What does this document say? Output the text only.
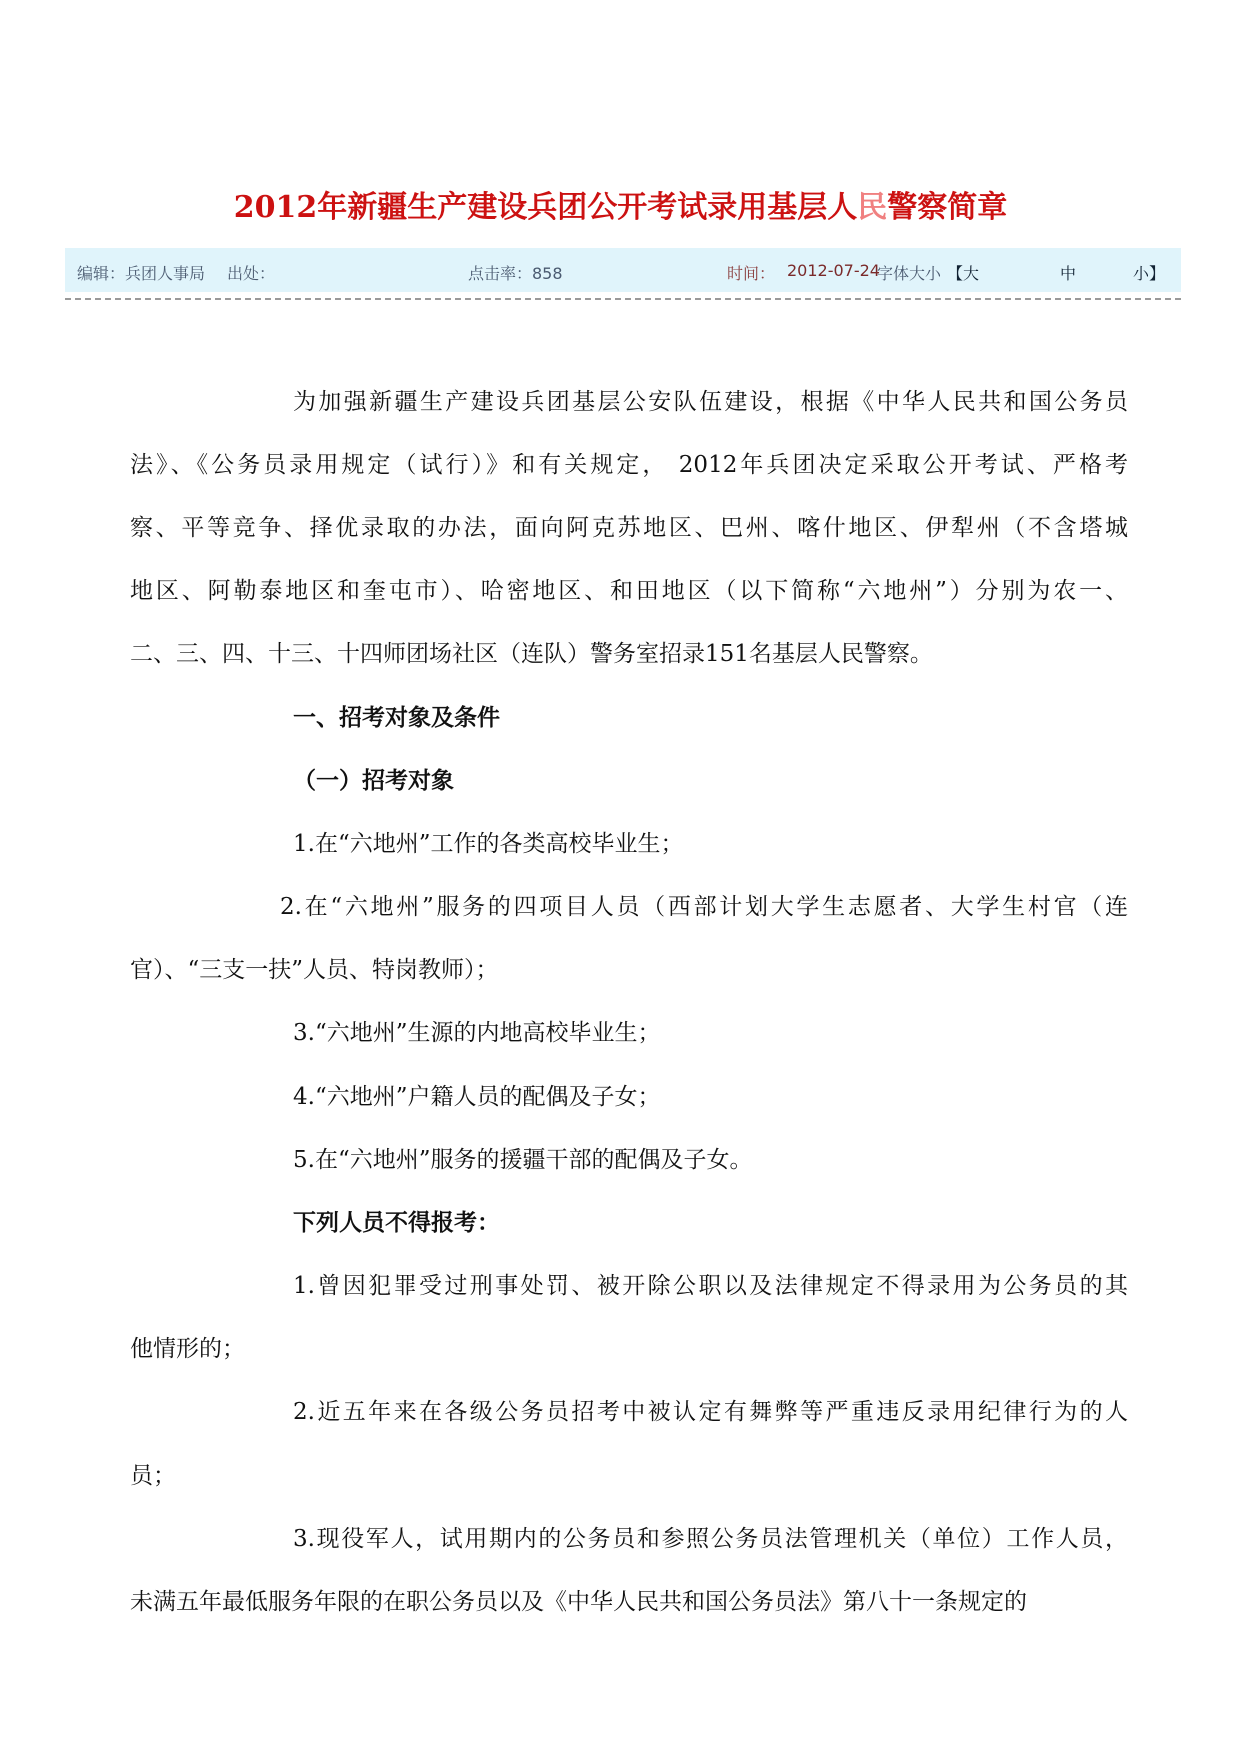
2012年新疆生产建设兵团公开考试录用基层人民警察简章
编辑：兵团人事局 出处：	点击率：858	时间： 2012-07-24
字体大小 【大	中	小】
为加强新疆生产建设兵团基层公安队伍建设，根据《中华人民共和国公务员
法》、《公务员录用规定（试行）》和有关规定， 2012年兵团决定采取公开考试、严格考
察、平等竞争、择优录取的办法，面向阿克苏地区、巴州、喀什地区、伊犁州（不含塔城
地区、阿勒泰地区和奎屯市）、哈密地区、和田地区（以下简称“六地州”）分别为农一、
二、三、四、十三、十四师团场社区（连队）警务室招录151名基层人民警察。
一、招考对象及条件
（一）招考对象
1.在“六地州”工作的各类高校毕业生；
2.在“六地州”服务的四项目人员（西部计划大学生志愿者、大学生村官（连
官）、“三支一扶”人员、特岗教师）；
3.“六地州”生源的内地高校毕业生；
4.“六地州”户籍人员的配偶及子女；
5.在“六地州”服务的援疆干部的配偶及子女。
下列人员不得报考：
1.曾因犯罪受过刑事处罚、被开除公职以及法律规定不得录用为公务员的其
他情形的；
2.近五年来在各级公务员招考中被认定有舞弊等严重违反录用纪律行为的人
员；
3.现役军人，试用期内的公务员和参照公务员法管理机关（单位）工作人员，
未满五年最低服务年限的在职公务员以及《中华人民共和国公务员法》第八十一条规定的
